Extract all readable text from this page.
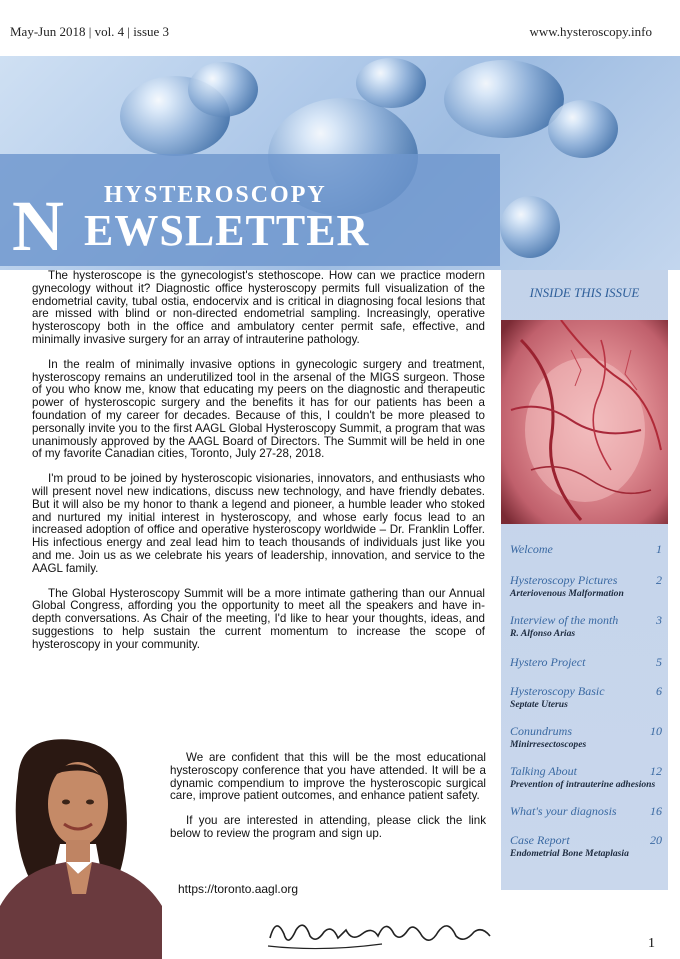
May-Jun 2018 | vol. 4 | issue 3	www.hysteroscopy.info
HYSTEROSCOPY
N EWSLETTER

The hysteroscope is the gynecologist's stethoscope. How can we practice modern gynecology without it? Diagnostic office hysteroscopy permits full visualization of the endometrial cavity, tubal ostia, endocervix and is critical in diagnosing focal lesions that are missed with blind or non-directed endometrial sampling. Increasingly, operative hysteroscopy both in the office and ambulatory center permit safe, effective, and minimally invasive surgery for an array of intrauterine pathology.

In the realm of minimally invasive options in gynecologic surgery and treatment, hysteroscopy remains an underutilized tool in the arsenal of the MIGS surgeon. Those of you who know me, know that educating my peers on the diagnostic and therapeutic power of hysteroscopic surgery and the benefits it has for our patients has been a foundation of my career for decades. Because of this, I couldn't be more pleased to personally invite you to the first AAGL Global Hysteroscopy Summit, a program that was unanimously approved by the AAGL Board of Directors. The Summit will be held in one of my favorite Canadian cities, Toronto, July 27-28, 2018.

I'm proud to be joined by hysteroscopic visionaries, innovators, and enthusiasts who will present novel new indications, discuss new technology, and have friendly debates. But it will also be my honor to thank a legend and pioneer, a humble leader who stoked and nurtured my initial interest in hysteroscopy, and whose early focus lead to an increased adoption of office and operative hysteroscopy worldwide – Dr. Franklin Loffer. His infectious energy and zeal lead him to teach thousands of individuals just like you and me. Join us as we celebrate his years of leadership, innovation, and service to the AAGL family.

The Global Hysteroscopy Summit will be a more intimate gathering than our Annual Global Congress, affording you the opportunity to meet all the speakers and have in-depth conversations. As Chair of the meeting, I'd like to hear your thoughts, ideas, and suggestions to help sustain the current momentum to increase the scope of hysteroscopy in your community.

We are confident that this will be the most educational hysteroscopy conference that you have attended. It will be a dynamic compendium to improve the hysteroscopic surgical care, improve patient outcomes, and enhance patient safety.

If you are interested in attending, please click the link below to review the program and sign up.

https://toronto.aagl.org
INSIDE THIS ISSUE
Welcome	1
Hysteroscopy Pictures	2
Arteriovenous Malformation
Interview of the month	3
R. Alfonso Arias
Hystero Project	5
Hysteroscopy Basic	6
Septate Uterus
Conundrums	10
Minirresectoscopes
Talking About	12
Prevention of intrauterine adhesions
What's your diagnosis	16
Case Report	20
Endometrial Bone Metaplasia
1
